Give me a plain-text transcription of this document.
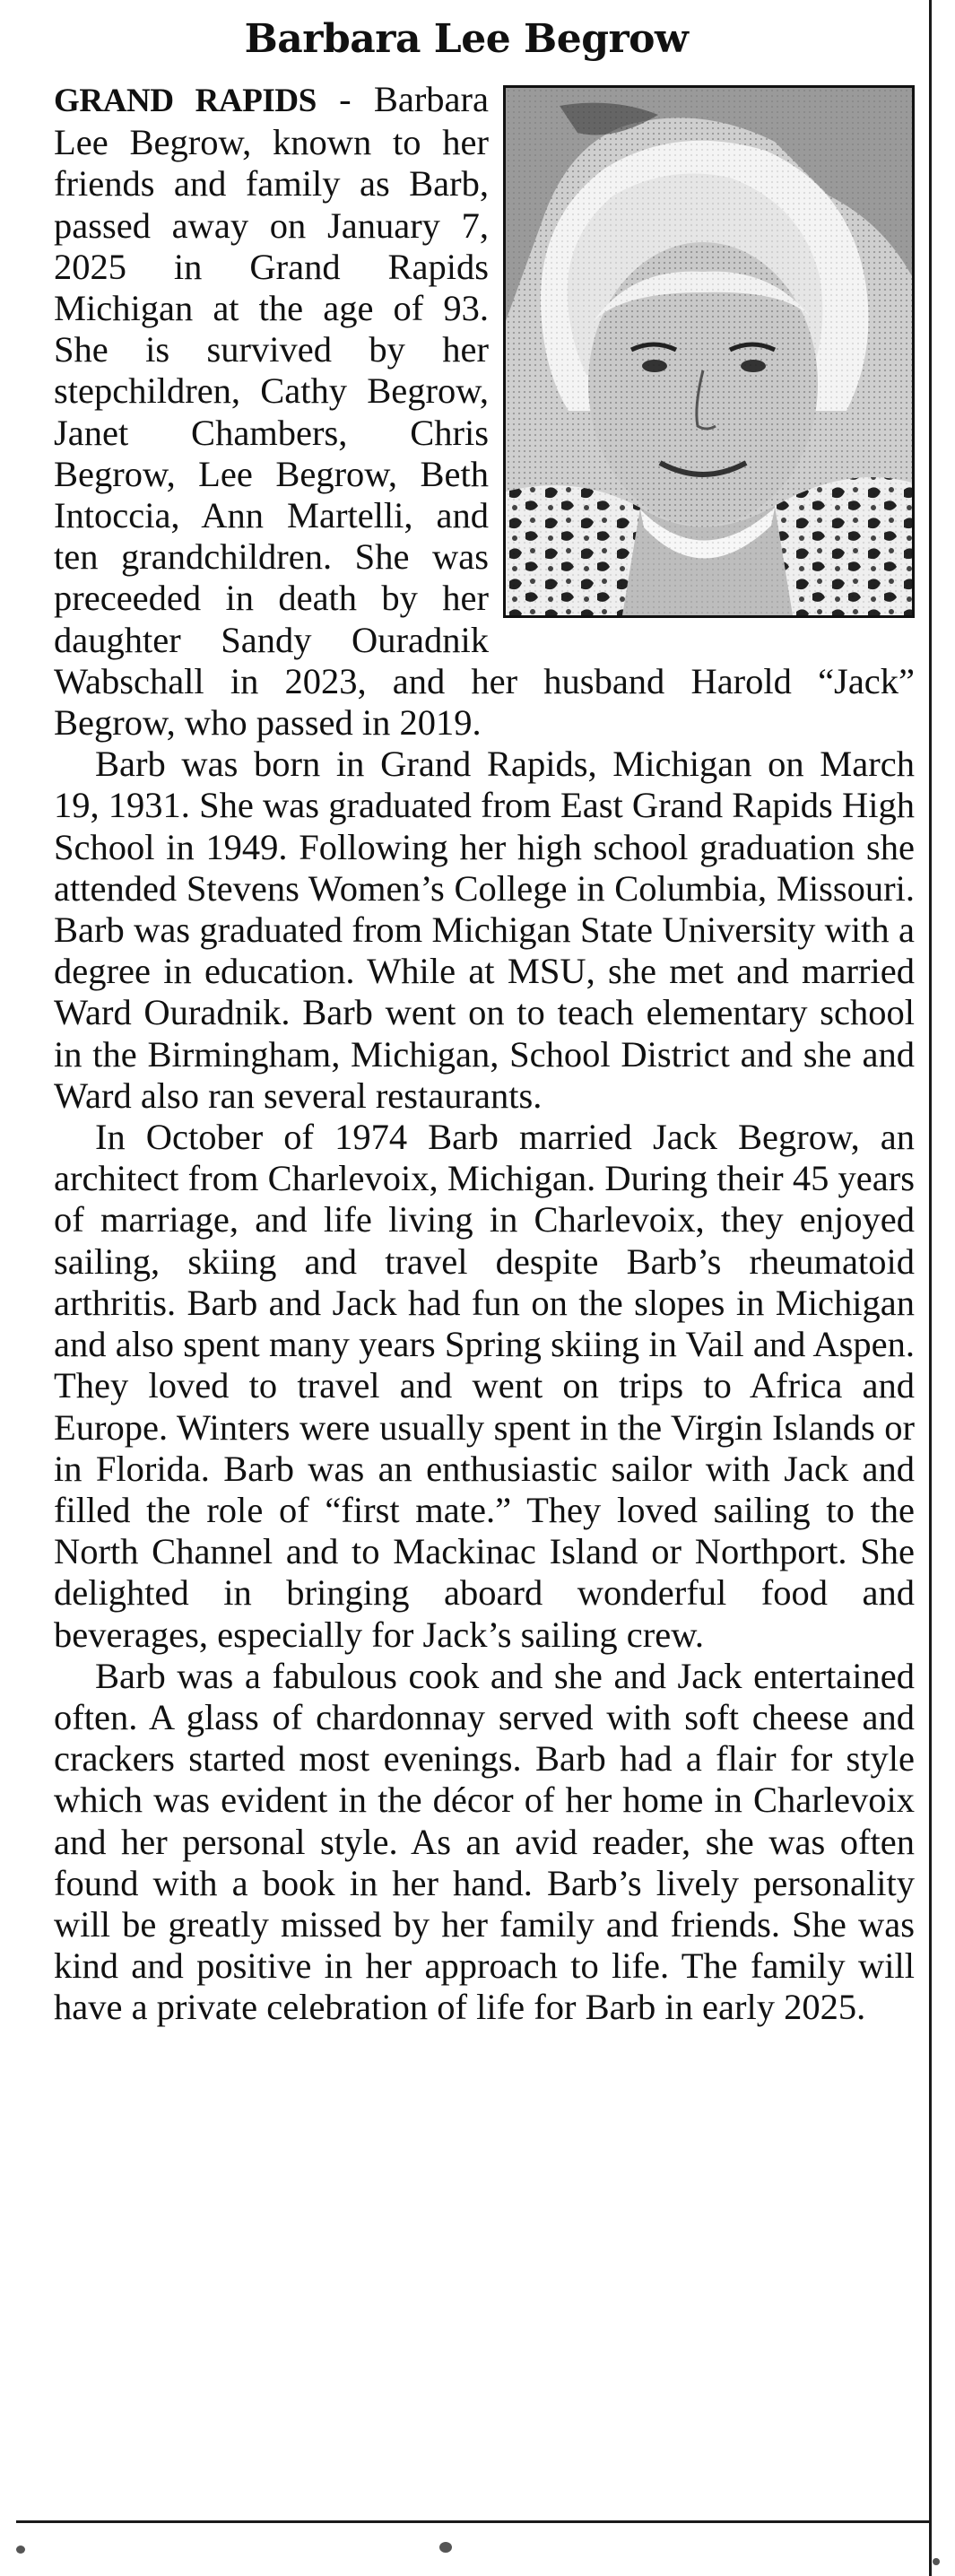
Barbara Lee Begrow

GRAND RAPIDS - Barbara Lee Begrow, known to her friends and family as Barb, passed away on January 7, 2025 in Grand Rapids Michigan at the age of 93. She is survived by her stepchildren, Cathy Begrow, Janet Chambers, Chris Begrow, Lee Begrow, Beth Intoccia, Ann Martelli, and ten grandchildren. She was preceeded in death by her daughter Sandy Ouradnik Wabschall in 2023, and her husband Harold “Jack” Begrow, who passed in 2019.

Barb was born in Grand Rapids, Michigan on March 19, 1931. She was graduated from East Grand Rapids High School in 1949. Following her high school graduation she attended Stevens Women’s College in Columbia, Missouri. Barb was graduated from Michigan State University with a degree in education. While at MSU, she met and married Ward Ouradnik. Barb went on to teach elementary school in the Birmingham, Michigan, School District and she and Ward also ran several restaurants.

In October of 1974 Barb married Jack Begrow, an architect from Charlevoix, Michigan. During their 45 years of marriage, and life living in Charlevoix, they enjoyed sailing, skiing and travel despite Barb’s rheumatoid arthritis. Barb and Jack had fun on the slopes in Michigan and also spent many years Spring skiing in Vail and Aspen. They loved to travel and went on trips to Africa and Europe. Winters were usually spent in the Virgin Islands or in Florida. Barb was an enthusiastic sailor with Jack and filled the role of “first mate.” They loved sailing to the North Channel and to Mackinac Island or Northport. She delighted in bringing aboard wonderful food and beverages, especially for Jack’s sailing crew.

Barb was a fabulous cook and she and Jack entertained often. A glass of chardonnay served with soft cheese and crackers started most evenings. Barb had a flair for style which was evident in the décor of her home in Charlevoix and her personal style. As an avid reader, she was often found with a book in her hand. Barb’s lively personality will be greatly missed by her family and friends. She was kind and positive in her approach to life. The family will have a private celebration of life for Barb in early 2025.
